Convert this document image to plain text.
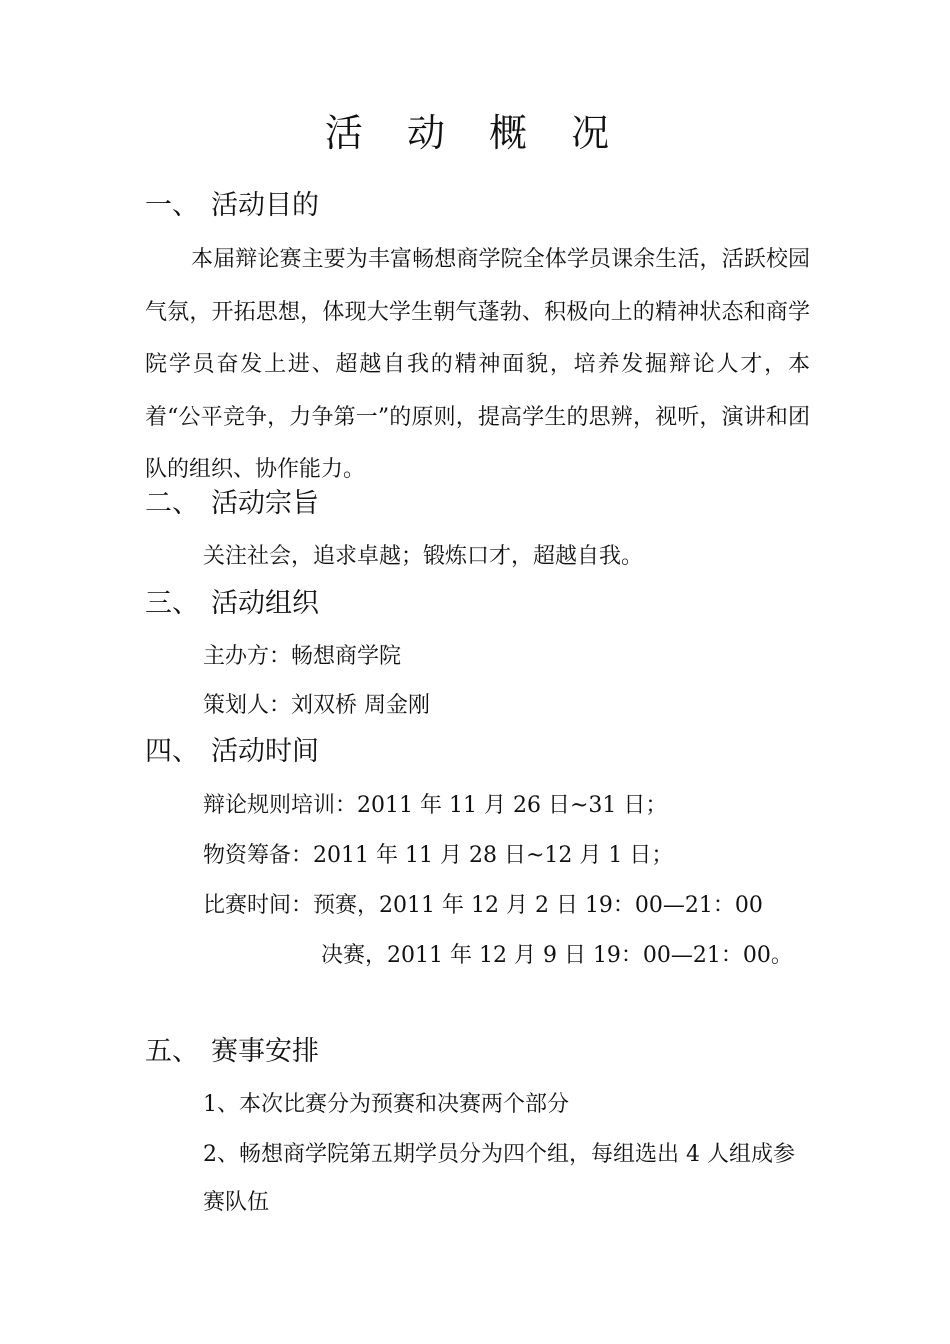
活 动 概 况
一、 活动目的

本届辩论赛主要为丰富畅想商学院全体学员课余生活，活跃校园气氛，开拓思想，体现大学生朝气蓬勃、积极向上的精神状态和商学院学员奋发上进、超越自我的精神面貌，培养发掘辩论人才，本着“公平竞争，力争第一”的原则，提高学生的思辨，视听，演讲和团队的组织、协作能力。

二、 活动宗旨
关注社会，追求卓越；锻炼口才，超越自我。
三、 活动组织
主办方：畅想商学院
策划人：刘双桥 周金刚
四、 活动时间
辩论规则培训：2011 年 11 月 26 日~31 日；
物资筹备：2011 年 11 月 28 日~12 月 1 日；
比赛时间：预赛，2011 年 12 月 2 日 19：00—21：00
决赛，2011 年 12 月 9 日 19：00—21：00。
五、 赛事安排
1、本次比赛分为预赛和决赛两个部分
2、畅想商学院第五期学员分为四个组，每组选出 4 人组成参赛队伍
